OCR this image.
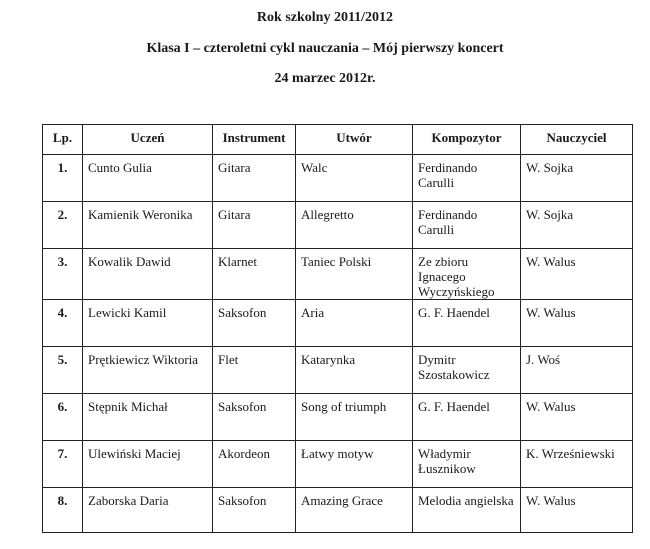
Rok szkolny 2011/2012
Klasa I – czteroletni cykl nauczania – Mój pierwszy koncert
24 marzec 2012r.
Lp.	Uczeń	Instrument	Utwór	Kompozytor	Nauczyciel
1.	Cunto Gulia	Gitara	Walc	Ferdinando Carulli	W. Sojka
2.	Kamienik Weronika	Gitara	Allegretto	Ferdinando Carulli	W. Sojka
3.	Kowalik Dawid	Klarnet	Taniec Polski	Ze zbioru Ignacego Wyczyńskiego	W. Walus
4.	Lewicki Kamil	Saksofon	Aria	G. F. Haendel	W. Walus
5.	Prętkiewicz Wiktoria	Flet	Katarynka	Dymitr Szostakowicz	J. Woś
6.	Stępnik Michał	Saksofon	Song of triumph	G. F. Haendel	W. Walus
7.	Ulewiński Maciej	Akordeon	Łatwy motyw	Władymir Łusznikow	K. Wrześniewski
8.	Zaborska Daria	Saksofon	Amazing Grace	Melodia angielska	W. Walus
